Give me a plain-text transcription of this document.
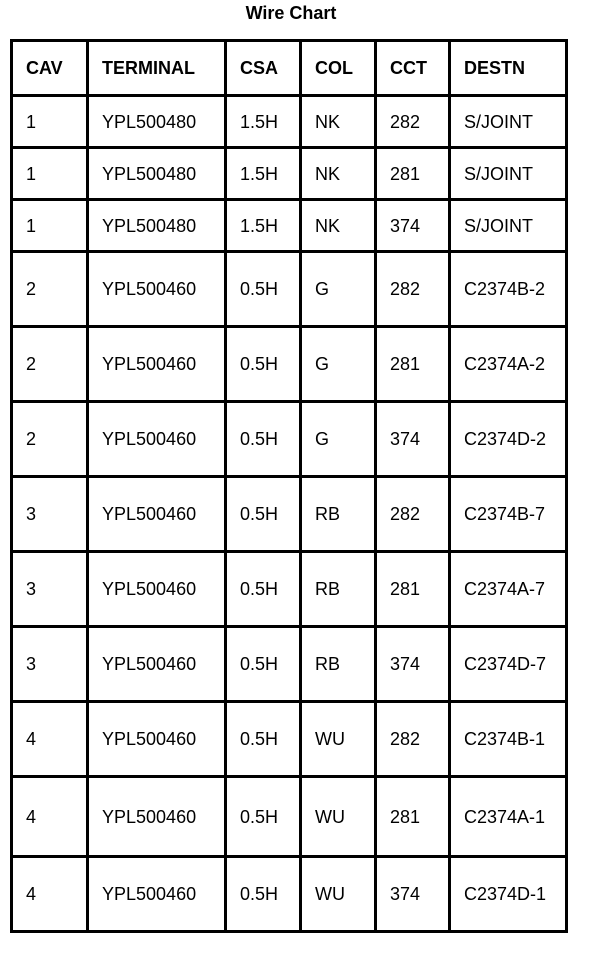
Wire Chart
CAV	TERMINAL	CSA	COL	CCT	DESTN

1	YPL500480	1.5H	NK	282	S/JOINT

1	YPL500480	1.5H	NK	281	S/JOINT

1	YPL500480	1.5H	NK	374	S/JOINT

2	YPL500460	0.5H	G	282	C2374B-2

2	YPL500460	0.5H	G	281	C2374A-2

2	YPL500460	0.5H	G	374	C2374D-2

3	YPL500460	0.5H	RB	282	C2374B-7

3	YPL500460	0.5H	RB	281	C2374A-7

3	YPL500460	0.5H	RB	374	C2374D-7

4	YPL500460	0.5H	WU	282	C2374B-1

4	YPL500460	0.5H	WU	281	C2374A-1

4	YPL500460	0.5H	WU	374	C2374D-1
